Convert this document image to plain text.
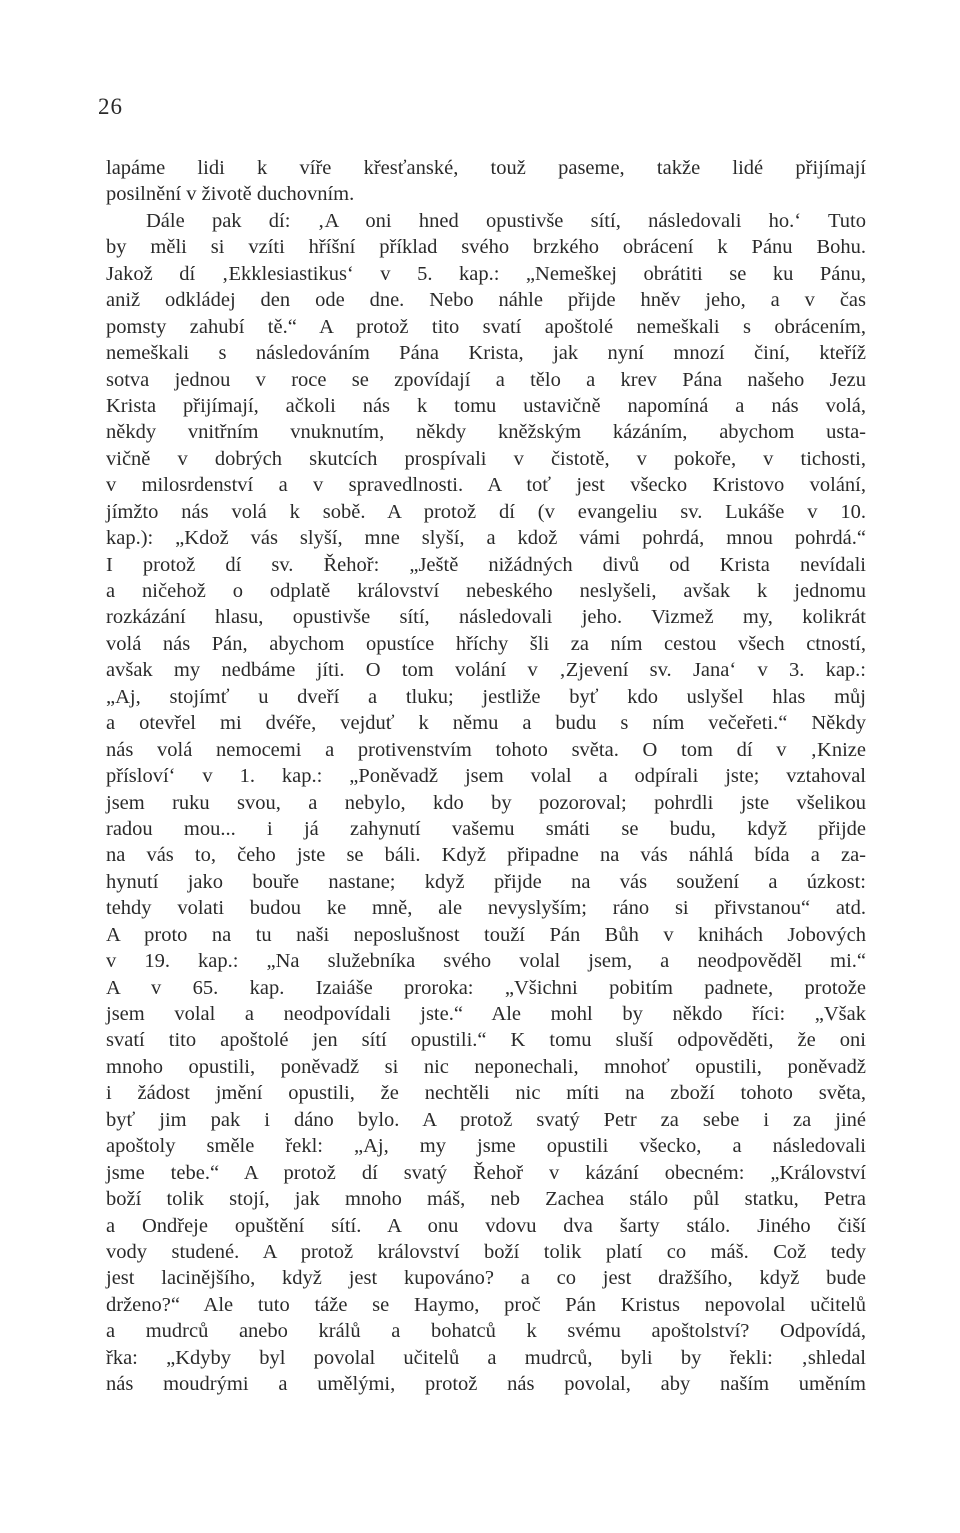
26
lapáme lidi k víře křesťanské, touž paseme, takže lidé přijímají
posilnění v životě duchovním.
Dále pak dí: ‚A oni hned opustivše sítí, následovali ho.‘ Tuto
by měli si vzíti hříšní příklad svého brzkého obrácení k Pánu Bohu.
Jakož dí ‚Ekklesiastikus‘ v 5. kap.: „Nemeškej obrátiti se ku Pánu,
aniž odkládej den ode dne. Nebo náhle přijde hněv jeho, a v čas
pomsty zahubí tě.“ A protož tito svatí apoštolé nemeškali s obrácením,
nemeškali s následováním Pána Krista, jak nyní mnozí činí, kteříž
sotva jednou v roce se zpovídají a tělo a krev Pána našeho Jezu
Krista přijímají, ačkoli nás k tomu ustavičně napomíná a nás volá,
někdy vnitřním vnuknutím, někdy kněžským kázáním, abychom usta-
vičně v dobrých skutcích prospívali v čistotě, v pokoře, v tichosti,
v milosrdenství a v spravedlnosti. A toť jest všecko Kristovo volání,
jímžto nás volá k sobě. A protož dí (v evangeliu sv. Lukáše v 10.
kap.): „Kdož vás slyší, mne slyší, a kdož vámi pohrdá, mnou pohrdá.“
I protož dí sv. Řehoř: „Ještě nižádných divů od Krista nevídali
a ničehož o odplatě království nebeského neslyšeli, avšak k jednomu
rozkázání hlasu, opustivše sítí, následovali jeho. Vizmež my, kolikrát
volá nás Pán, abychom opustíce hříchy šli za ním cestou všech ctností,
avšak my nedbáme jíti. O tom volání v ‚Zjevení sv. Jana‘ v 3. kap.:
„Aj, stojímť u dveří a tluku; jestliže byť kdo uslyšel hlas můj
a otevřel mi dvéře, vejduť k němu a budu s ním večeřeti.“ Někdy
nás volá nemocemi a protivenstvím tohoto světa. O tom dí v ‚Knize
přísloví‘ v 1. kap.: „Poněvadž jsem volal a odpírali jste; vztahoval
jsem ruku svou, a nebylo, kdo by pozoroval; pohrdli jste všelikou
radou mou... i já zahynutí vašemu smáti se budu, když přijde
na vás to, čeho jste se báli. Když připadne na vás náhlá bída a za-
hynutí jako bouře nastane; když přijde na vás soužení a úzkost:
tehdy volati budou ke mně, ale nevyslyším; ráno si přivstanou“ atd.
A proto na tu naši neposlušnost touží Pán Bůh v knihách Jobových
v 19. kap.: „Na služebníka svého volal jsem, a neodpověděl mi.“
A v 65. kap. Izaiáše proroka: „Všichni pobitím padnete, protože
jsem volal a neodpovídali jste.“ Ale mohl by někdo říci: „Však
svatí tito apoštolé jen sítí opustili.“ K tomu sluší odpověděti, že oni
mnoho opustili, poněvadž si nic neponechali, mnohoť opustili, poněvadž
i žádost jmění opustili, že nechtěli nic míti na zboží tohoto světa,
byť jim pak i dáno bylo. A protož svatý Petr za sebe i za jiné
apoštoly směle řekl: „Aj, my jsme opustili všecko, a následovali
jsme tebe.“ A protož dí svatý Řehoř v kázání obecném: „Království
boží tolik stojí, jak mnoho máš, neb Zachea stálo půl statku, Petra
a Ondřeje opuštění sítí. A onu vdovu dva šarty stálo. Jiného čiší
vody studené. A protož království boží tolik platí co máš. Což tedy
jest lacinějšího, když jest kupováno? a co jest dražšího, když bude
drženo?“ Ale tuto táže se Haymo, proč Pán Kristus nepovolal učitelů
a mudrců anebo králů a bohatců k svému apoštolství? Odpovídá,
řka: „Kdyby byl povolal učitelů a mudrců, byli by řekli: ‚shledal
nás moudrými a umělými, protož nás povolal, aby naším uměním
